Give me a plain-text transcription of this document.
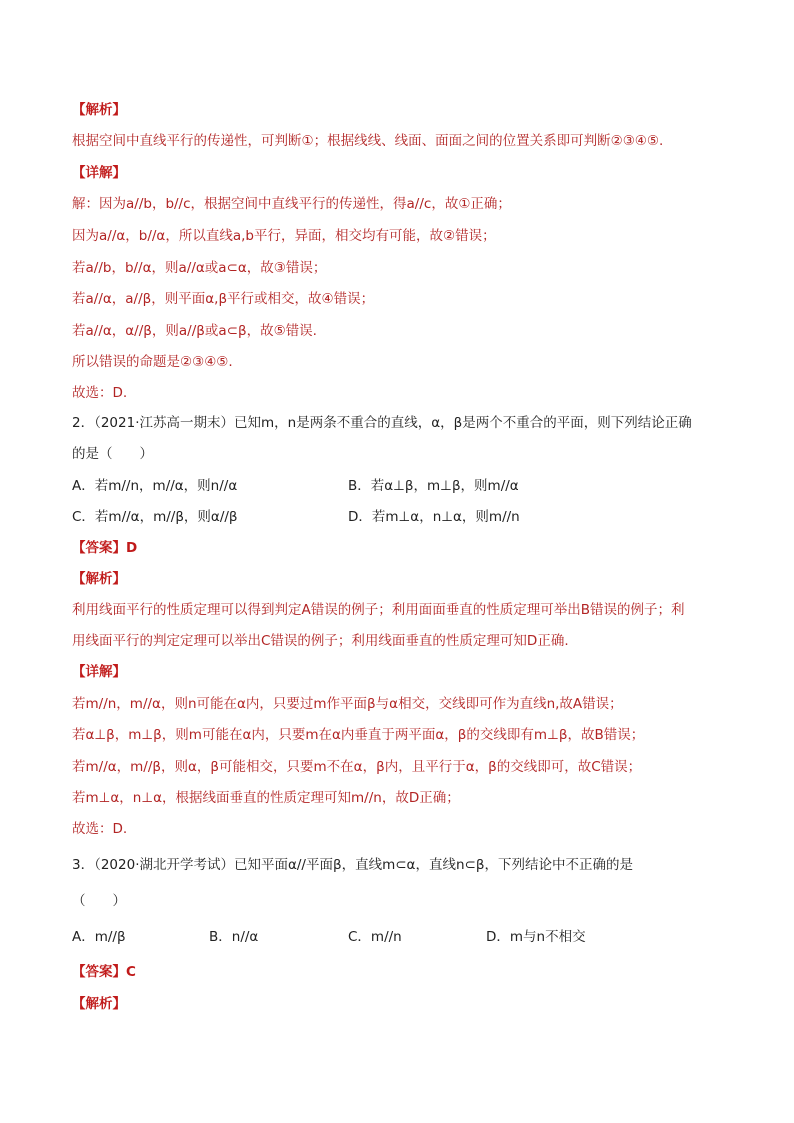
【解析】
根据空间中直线平行的传递性，可判断①；根据线线、线面、面面之间的位置关系即可判断②③④⑤.
【详解】
解：因为a//b，b//c，根据空间中直线平行的传递性，得a//c，故①正确；
因为a//α，b//α，所以直线a,b平行，异面，相交均有可能，故②错误；
若a//b，b//α，则a//α或a⊂α，故③错误；
若a//α，a//β，则平面α,β平行或相交，故④错误；
若a//α，α//β，则a//β或a⊂β，故⑤错误.
所以错误的命题是②③④⑤.
故选：D.
2．（2021·江苏高一期末）已知m，n是两条不重合的直线，α，β是两个不重合的平面，则下列结论正确
的是（　　）
A．若m//n，m//α，则n//α	B．若α⊥β，m⊥β，则m//α
C．若m//α，m//β，则α//β	D．若m⊥α，n⊥α，则m//n
【答案】D
【解析】
利用线面平行的性质定理可以得到判定A错误的例子；利用面面垂直的性质定理可举出B错误的例子；利
用线面平行的判定定理可以举出C错误的例子；利用线面垂直的性质定理可知D正确.
【详解】
若m//n，m//α，则n可能在α内，只要过m作平面β与α相交，交线即可作为直线n,故A错误；
若α⊥β，m⊥β，则m可能在α内，只要m在α内垂直于两平面α，β的交线即有m⊥β，故B错误；
若m//α，m//β，则α，β可能相交，只要m不在α，β内，且平行于α，β的交线即可，故C错误；
若m⊥α，n⊥α，根据线面垂直的性质定理可知m//n，故D正确；
故选：D.
3．（2020·湖北开学考试）已知平面α//平面β，直线m⊂α，直线n⊂β，下列结论中不正确的是
（　　）
A．m//β	B．n//α	C．m//n	D．m与n不相交
【答案】C
【解析】
